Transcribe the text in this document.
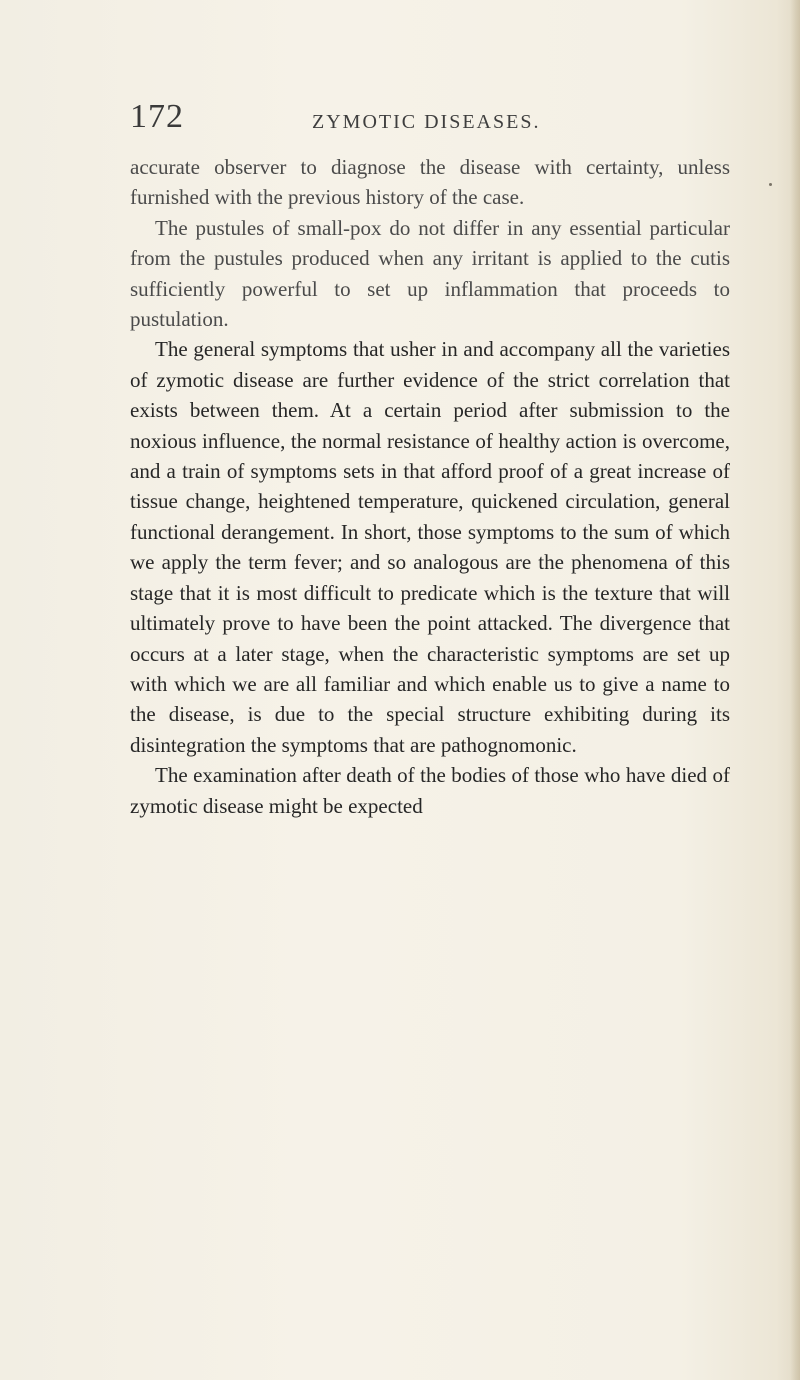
172	ZYMOTIC DISEASES.

accurate observer to diagnose the disease with certainty, unless furnished with the previous history of the case.

The pustules of small-pox do not differ in any essential particular from the pustules produced when any irritant is applied to the cutis sufficiently powerful to set up inflammation that proceeds to pustulation.

The general symptoms that usher in and accompany all the varieties of zymotic disease are further evidence of the strict correlation that exists between them. At a certain period after submission to the noxious influence, the normal resistance of healthy action is overcome, and a train of symptoms sets in that afford proof of a great increase of tissue change, heightened temperature, quickened circulation, general functional derangement. In short, those symptoms to the sum of which we apply the term fever; and so analogous are the phenomena of this stage that it is most difficult to predicate which is the texture that will ultimately prove to have been the point attacked. The divergence that occurs at a later stage, when the characteristic symptoms are set up with which we are all familiar and which enable us to give a name to the disease, is due to the special structure exhibiting during its disintegration the symptoms that are pathognomonic.

The examination after death of the bodies of those who have died of zymotic disease might be expected
